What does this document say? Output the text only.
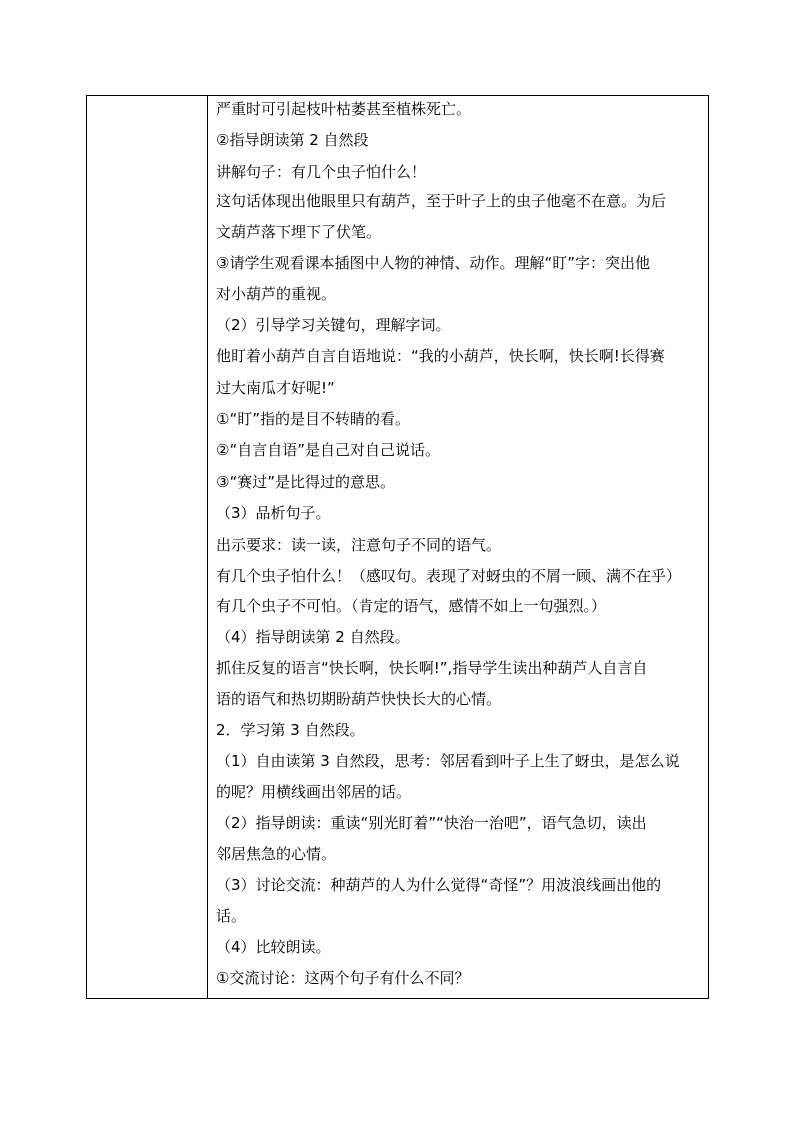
严重时可引起枝叶枯萎甚至植株死亡。
②指导朗读第 2 自然段
讲解句子：有几个虫子怕什么！
这句话体现出他眼里只有葫芦，至于叶子上的虫子他毫不在意。为后
文葫芦落下埋下了伏笔。
③请学生观看课本插图中人物的神情、动作。理解“盯”字：突出他
对小葫芦的重视。
（2）引导学习关键句，理解字词。
他盯着小葫芦自言自语地说：“我的小葫芦，快长啊，快长啊!长得赛
过大南瓜才好呢!”
①“盯”指的是目不转睛的看。
②“自言自语”是自己对自己说话。
③“赛过”是比得过的意思。
（3）品析句子。
出示要求：读一读，注意句子不同的语气。
有几个虫子怕什么！（感叹句。表现了对蚜虫的不屑一顾、满不在乎）
有几个虫子不可怕。（肯定的语气，感情不如上一句强烈。）
（4）指导朗读第 2 自然段。
抓住反复的语言“快长啊，快长啊!”,指导学生读出种葫芦人自言自
语的语气和热切期盼葫芦快快长大的心情。
2．学习第 3 自然段。
（1）自由读第 3 自然段，思考：邻居看到叶子上生了蚜虫，是怎么说
的呢？用横线画出邻居的话。
（2）指导朗读：重读“别光盯着”“快治一治吧”，语气急切，读出
邻居焦急的心情。
（3）讨论交流：种葫芦的人为什么觉得“奇怪”？用波浪线画出他的
话。
（4）比较朗读。
①交流讨论：这两个句子有什么不同？
